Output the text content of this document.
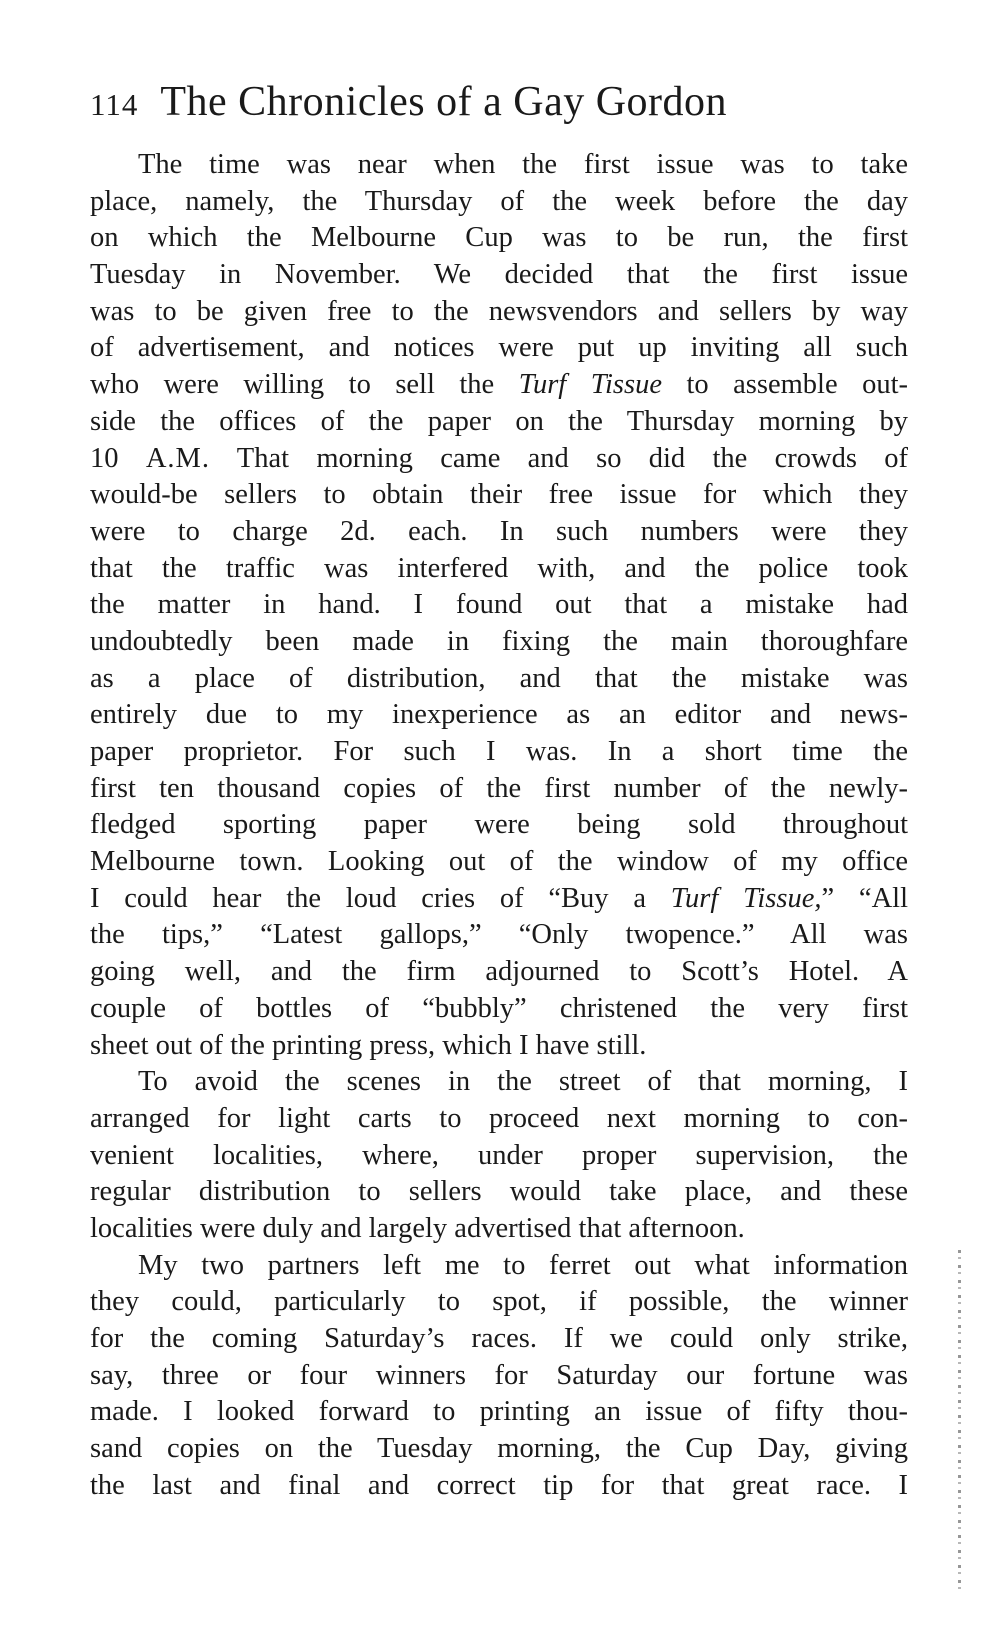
114 The Chronicles of a Gay Gordon
The time was near when the first issue was to take
place, namely, the Thursday of the week before the day
on which the Melbourne Cup was to be run, the first
Tuesday in November. We decided that the first issue
was to be given free to the newsvendors and sellers by way
of advertisement, and notices were put up inviting all such
who were willing to sell the Turf Tissue to assemble out-
side the offices of the paper on the Thursday morning by
10 A.M. That morning came and so did the crowds of
would-be sellers to obtain their free issue for which they
were to charge 2d. each. In such numbers were they
that the traffic was interfered with, and the police took
the matter in hand. I found out that a mistake had
undoubtedly been made in fixing the main thoroughfare
as a place of distribution, and that the mistake was
entirely due to my inexperience as an editor and news-
paper proprietor. For such I was. In a short time the
first ten thousand copies of the first number of the newly-
fledged sporting paper were being sold throughout
Melbourne town. Looking out of the window of my office
I could hear the loud cries of “Buy a Turf Tissue,” “All
the tips,” “Latest gallops,” “Only twopence.” All was
going well, and the firm adjourned to Scott’s Hotel. A
couple of bottles of “bubbly” christened the very first
sheet out of the printing press, which I have still.
To avoid the scenes in the street of that morning, I
arranged for light carts to proceed next morning to con-
venient localities, where, under proper supervision, the
regular distribution to sellers would take place, and these
localities were duly and largely advertised that afternoon.
My two partners left me to ferret out what information
they could, particularly to spot, if possible, the winner
for the coming Saturday’s races. If we could only strike,
say, three or four winners for Saturday our fortune was
made. I looked forward to printing an issue of fifty thou-
sand copies on the Tuesday morning, the Cup Day, giving
the last and final and correct tip for that great race. I
